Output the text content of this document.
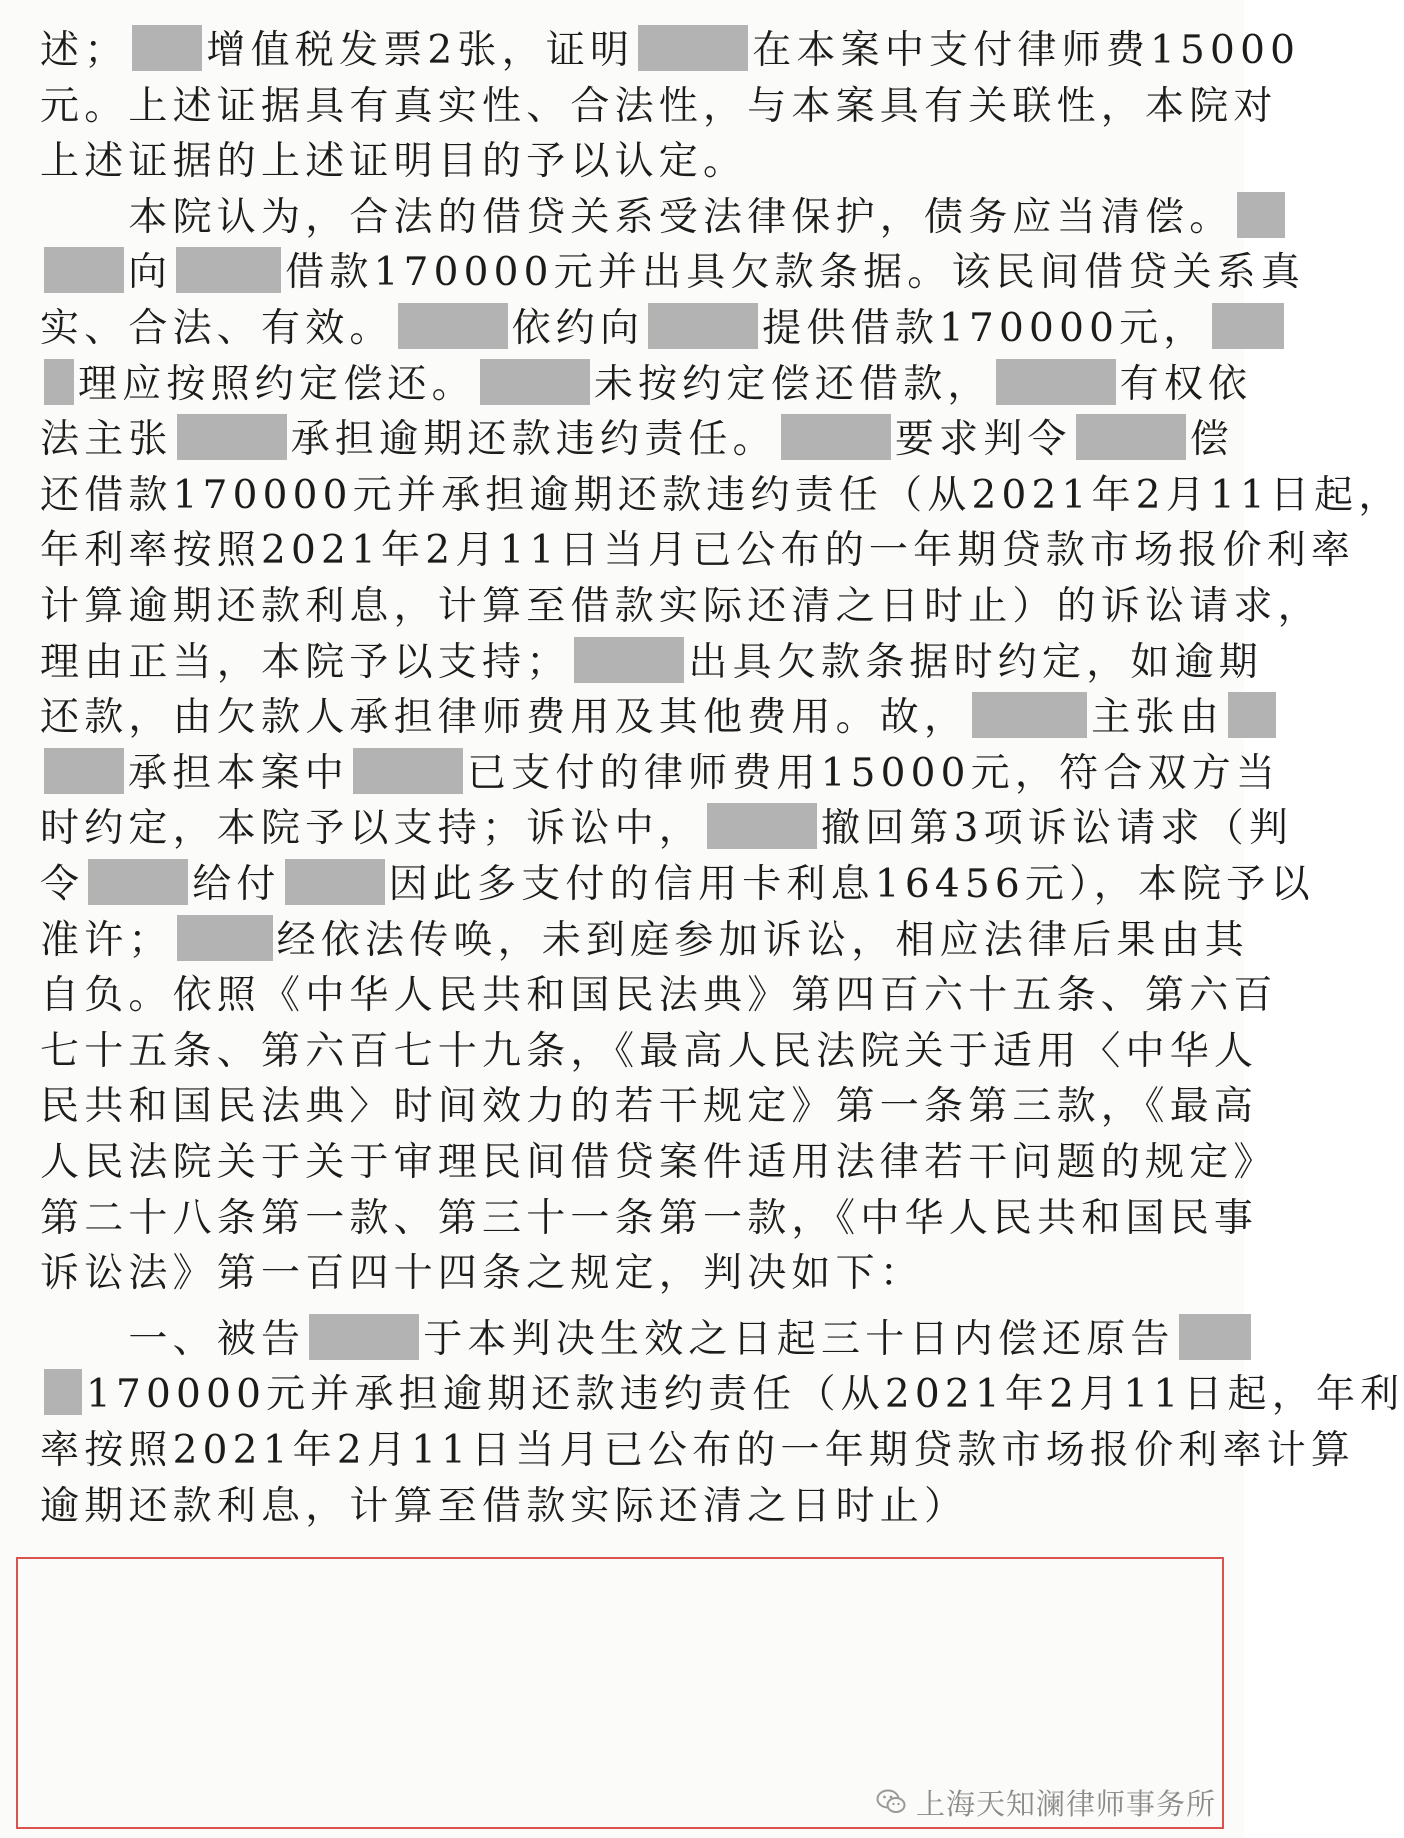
述； 增值税发票2张，证明	在本案中支付律师费15000
元。上述证据具有真实性、合法性，与本案具有关联性，本院对
上述证据的上述证明目的予以认定。
　　本院认为，合法的借贷关系受法律保护，债务应当清偿。
向	借款170000元并出具欠款条据。该民间借贷关系真
实、合法、有效。	依约向	提供借款170000元，
理应按照约定偿还。	未按约定偿还借款，	有权依
法主张	承担逾期还款违约责任。	要求判令	偿
还借款170000元并承担逾期还款违约责任（从2021年2月11日起，
年利率按照2021年2月11日当月已公布的一年期贷款市场报价利率
计算逾期还款利息，计算至借款实际还清之日时止）的诉讼请求，
理由正当，本院予以支持；	出具欠款条据时约定，如逾期
还款，由欠款人承担律师费用及其他费用。故，	主张由
承担本案中	已支付的律师费用15000元，符合双方当
时约定，本院予以支持；诉讼中，	撤回第3项诉讼请求（判
令	给付	因此多支付的信用卡利息16456元），本院予以
准许；	经依法传唤，未到庭参加诉讼，相应法律后果由其
自负。依照《中华人民共和国民法典》第四百六十五条、第六百
七十五条、第六百七十九条，《最高人民法院关于适用〈中华人
民共和国民法典〉时间效力的若干规定》第一条第三款，《最高
人民法院关于关于审理民间借贷案件适用法律若干问题的规定》
第二十八条第一款、第三十一条第一款，《中华人民共和国民事
诉讼法》第一百四十四条之规定，判决如下：
　　一、被告	于本判决生效之日起三十日内偿还原告
170000元并承担逾期还款违约责任（从2021年2月11日起，年利
率按照2021年2月11日当月已公布的一年期贷款市场报价利率计算
逾期还款利息，计算至借款实际还清之日时止）
上海天知澜律师事务所
